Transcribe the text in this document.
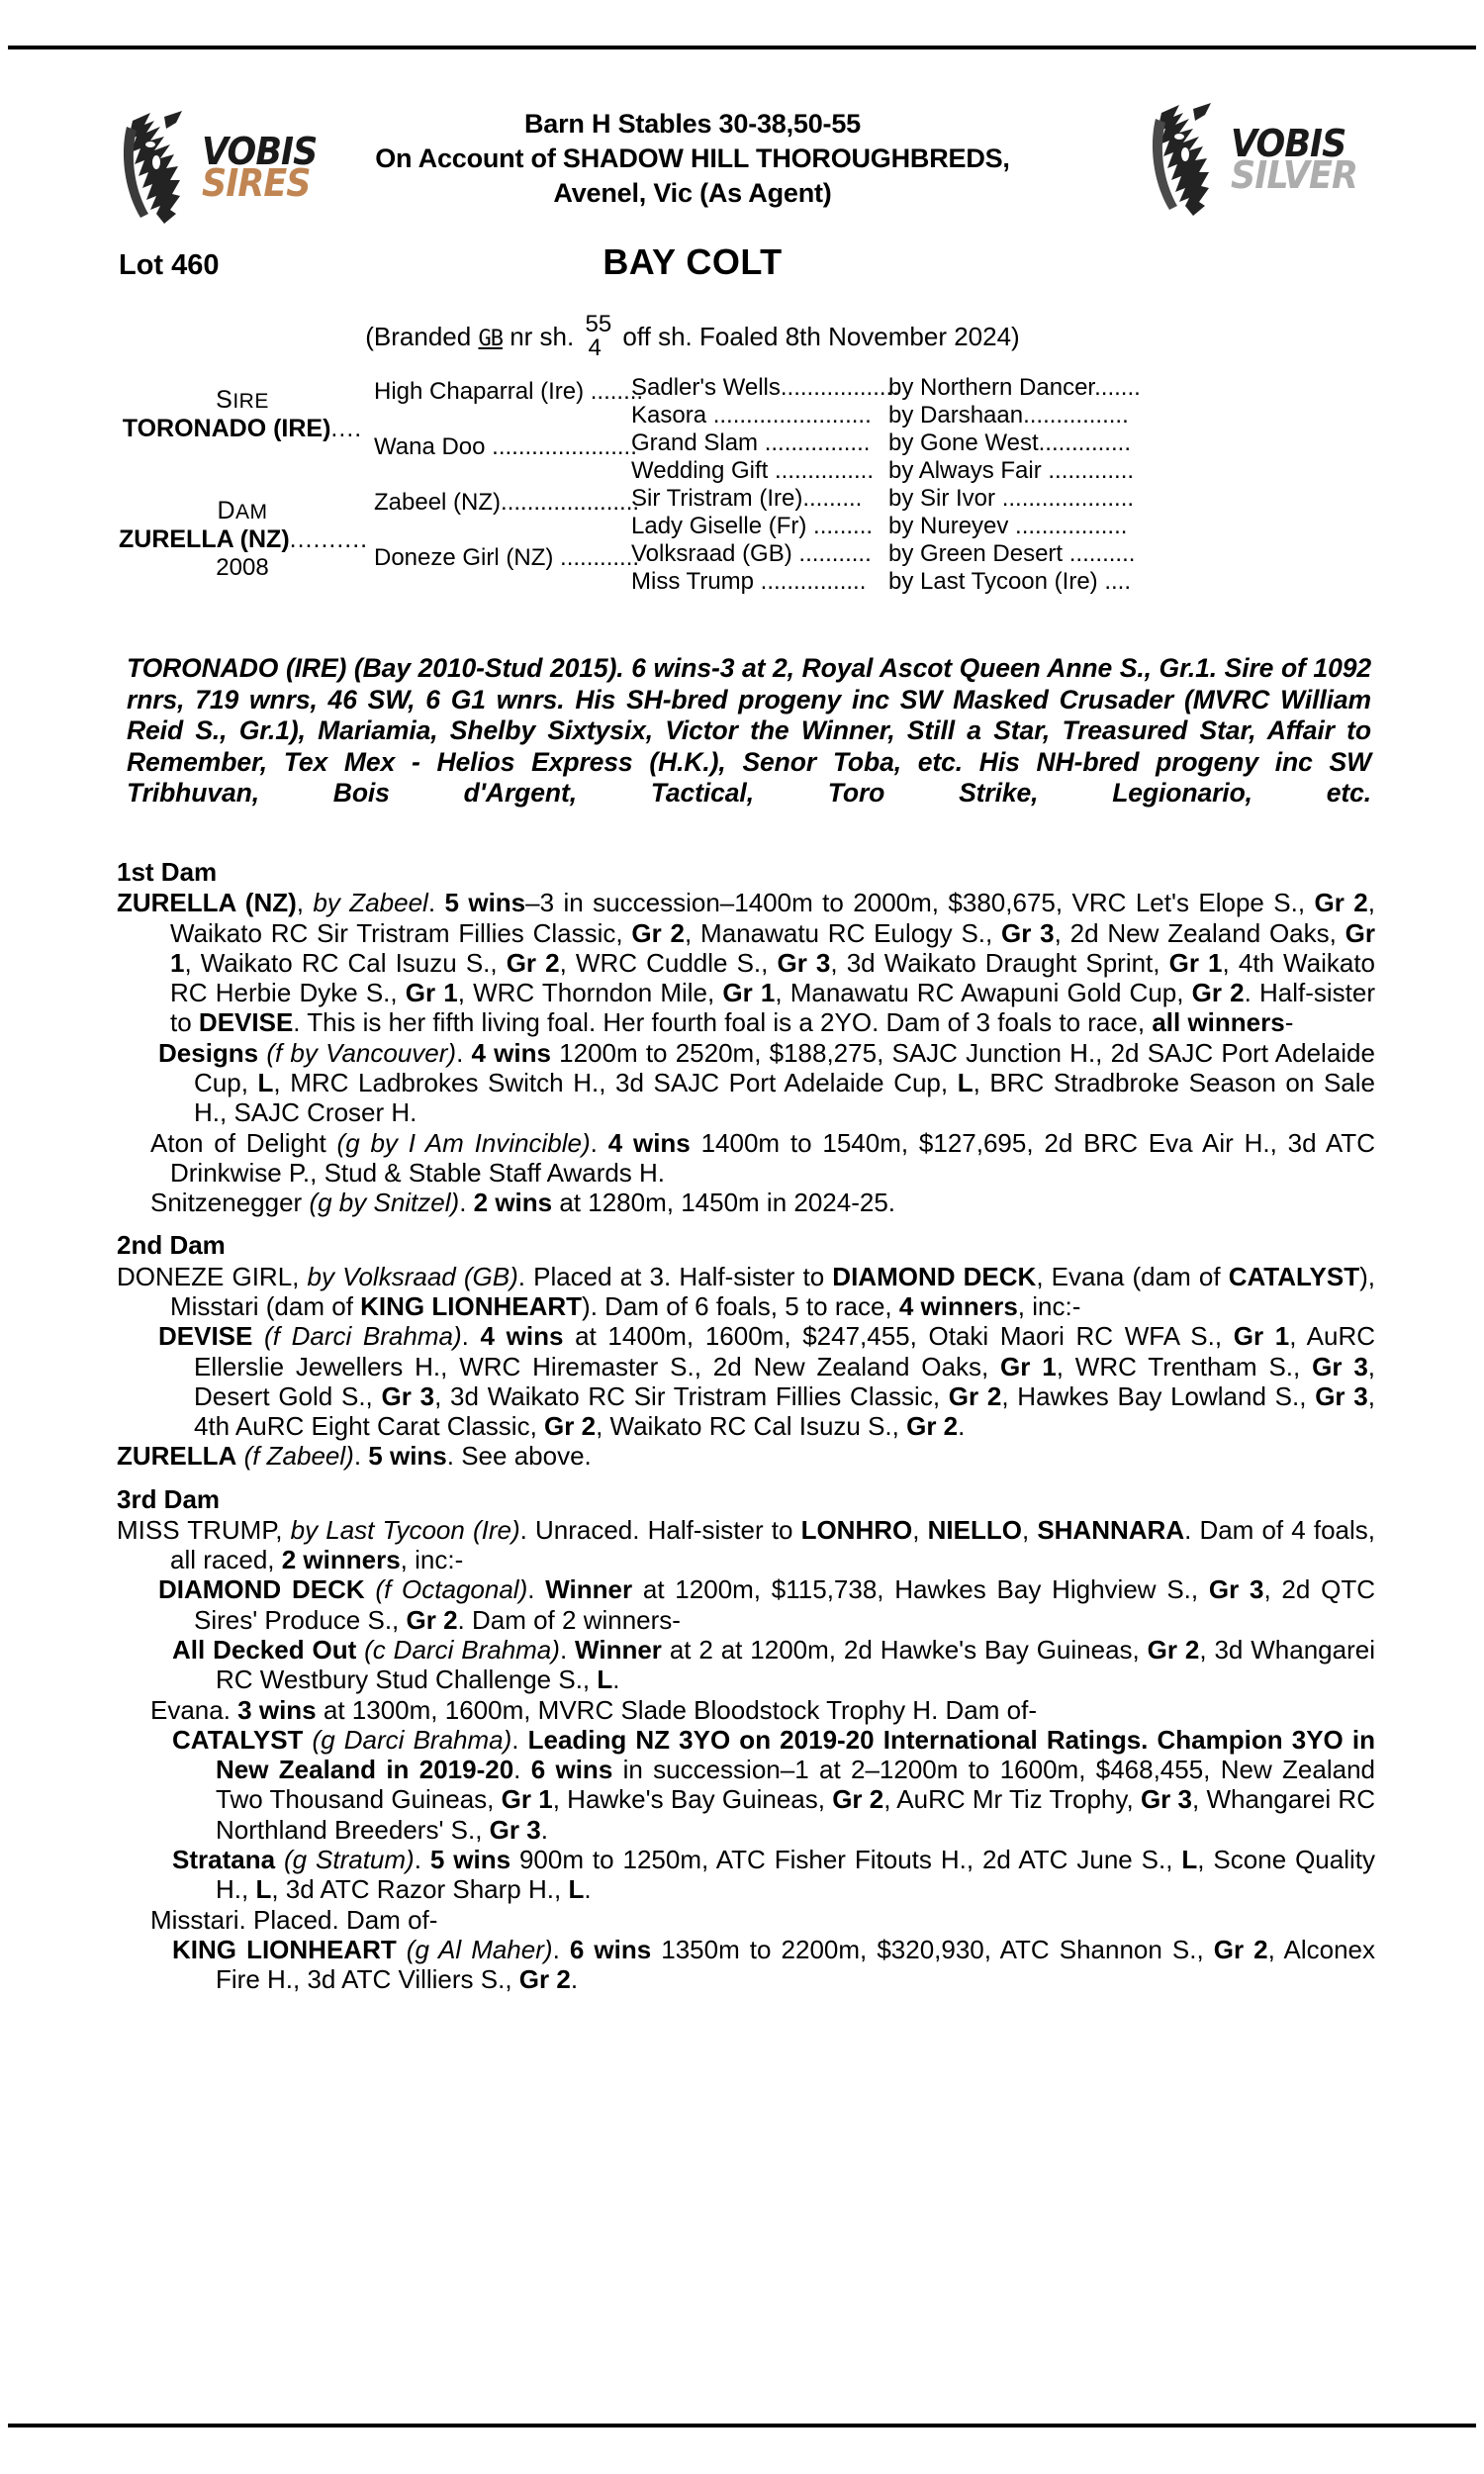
VOBIS
SIRES
VOBIS
SILVER
Barn H Stables 30-38,50-55
On Account of SHADOW HILL THOROUGHBREDS,
Avenel, Vic (As Agent)
Lot 460	BAY COLT
(Branded GB nr sh. 55
4 off sh. Foaled 8th November 2024)
SIRE
TORONADO (IRE)....
DAM
ZURELLA (NZ)..........
2008
High Chaparral (Ire) ........
Wana Doo ......................
Zabeel (NZ).....................
Doneze Girl (NZ) ............
Sadler's Wells..................
Kasora ........................
Grand Slam ................
Wedding Gift ...............
Sir Tristram (Ire).........
Lady Giselle (Fr) .........
Volksraad (GB) ...........
Miss Trump ................
by Northern Dancer.......
by Darshaan................
by Gone West..............
by Always Fair .............
by Sir Ivor ....................
by Nureyev .................
by Green Desert ..........
by Last Tycoon (Ire) ....
TORONADO (IRE) (Bay 2010-Stud 2015). 6 wins-3 at 2, Royal Ascot Queen Anne S., Gr.1. Sire of 1092 rnrs, 719 wnrs, 46 SW, 6 G1 wnrs. His SH-bred progeny inc SW Masked Crusader (MVRC William Reid S., Gr.1), Mariamia, Shelby Sixtysix, Victor the Winner, Still a Star, Treasured Star, Affair to Remember, Tex Mex - Helios Express (H.K.), Senor Toba, etc. His NH-bred progeny inc SW Tribhuvan, Bois d'Argent, Tactical, Toro Strike, Legionario, etc.
1st Dam

ZURELLA (NZ), by Zabeel. 5 wins–3 in succession–1400m to 2000m, $380,675, VRC Let's Elope S., Gr 2, Waikato RC Sir Tristram Fillies Classic, Gr 2, Manawatu RC Eulogy S., Gr 3, 2d New Zealand Oaks, Gr 1, Waikato RC Cal Isuzu S., Gr 2, WRC Cuddle S., Gr 3, 3d Waikato Draught Sprint, Gr 1, 4th Waikato RC Herbie Dyke S., Gr 1, WRC Thorndon Mile, Gr 1, Manawatu RC Awapuni Gold Cup, Gr 2. Half-sister to DEVISE. This is her fifth living foal. Her fourth foal is a 2YO. Dam of 3 foals to race, all winners-

Designs (f by Vancouver). 4 wins 1200m to 2520m, $188,275, SAJC Junction H., 2d SAJC Port Adelaide Cup, L, MRC Ladbrokes Switch H., 3d SAJC Port Adelaide Cup, L, BRC Stradbroke Season on Sale H., SAJC Croser H.

Aton of Delight (g by I Am Invincible). 4 wins 1400m to 1540m, $127,695, 2d BRC Eva Air H., 3d ATC Drinkwise P., Stud & Stable Staff Awards H.

Snitzenegger (g by Snitzel). 2 wins at 1280m, 1450m in 2024-25.

2nd Dam

DONEZE GIRL, by Volksraad (GB). Placed at 3. Half-sister to DIAMOND DECK, Evana (dam of CATALYST), Misstari (dam of KING LIONHEART). Dam of 6 foals, 5 to race, 4 winners, inc:-

DEVISE (f Darci Brahma). 4 wins at 1400m, 1600m, $247,455, Otaki Maori RC WFA S., Gr 1, AuRC Ellerslie Jewellers H., WRC Hiremaster S., 2d New Zealand Oaks, Gr 1, WRC Trentham S., Gr 3, Desert Gold S., Gr 3, 3d Waikato RC Sir Tristram Fillies Classic, Gr 2, Hawkes Bay Lowland S., Gr 3, 4th AuRC Eight Carat Classic, Gr 2, Waikato RC Cal Isuzu S., Gr 2.

ZURELLA (f Zabeel). 5 wins. See above.

3rd Dam

MISS TRUMP, by Last Tycoon (Ire). Unraced. Half-sister to LONHRO, NIELLO, SHANNARA. Dam of 4 foals, all raced, 2 winners, inc:-

DIAMOND DECK (f Octagonal). Winner at 1200m, $115,738, Hawkes Bay Highview S., Gr 3, 2d QTC Sires' Produce S., Gr 2. Dam of 2 winners-

All Decked Out (c Darci Brahma). Winner at 2 at 1200m, 2d Hawke's Bay Guineas, Gr 2, 3d Whangarei RC Westbury Stud Challenge S., L.

Evana. 3 wins at 1300m, 1600m, MVRC Slade Bloodstock Trophy H. Dam of-

CATALYST (g Darci Brahma). Leading NZ 3YO on 2019-20 International Ratings. Champion 3YO in New Zealand in 2019-20. 6 wins in succession–1 at 2–1200m to 1600m, $468,455, New Zealand Two Thousand Guineas, Gr 1, Hawke's Bay Guineas, Gr 2, AuRC Mr Tiz Trophy, Gr 3, Whangarei RC Northland Breeders' S., Gr 3.

Stratana (g Stratum). 5 wins 900m to 1250m, ATC Fisher Fitouts H., 2d ATC June S., L, Scone Quality H., L, 3d ATC Razor Sharp H., L.

Misstari. Placed. Dam of-

KING LIONHEART (g Al Maher). 6 wins 1350m to 2200m, $320,930, ATC Shannon S., Gr 2, Alconex Fire H., 3d ATC Villiers S., Gr 2.
